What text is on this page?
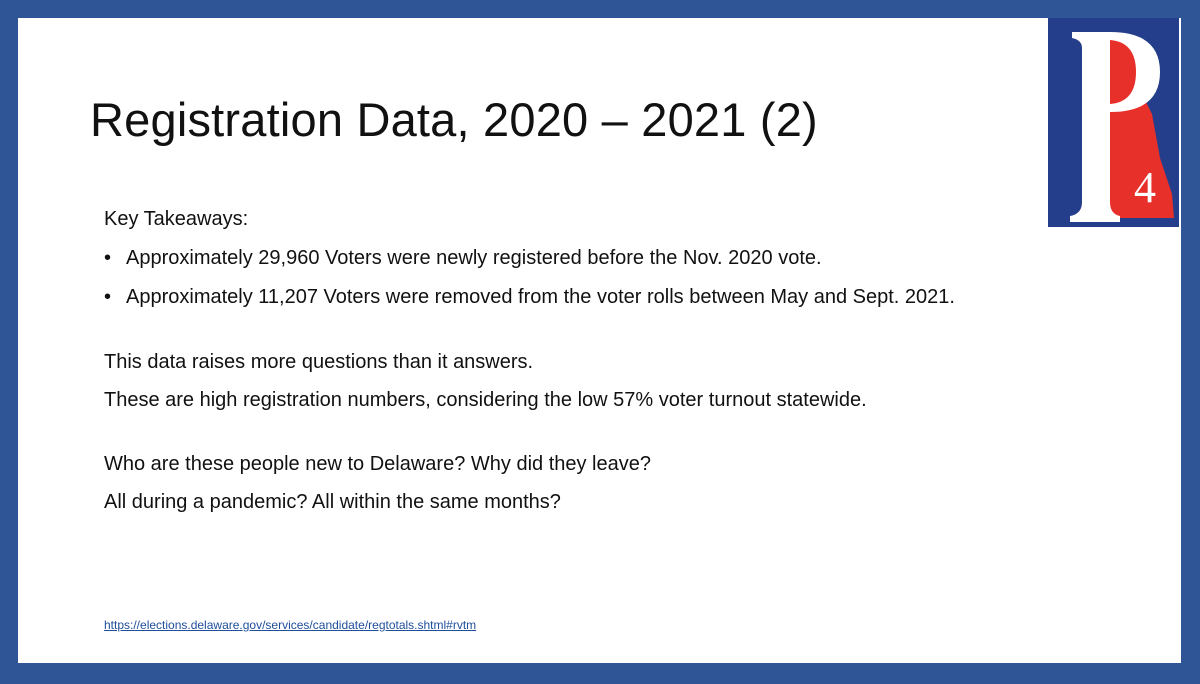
Registration Data, 2020 – 2021 (2)
4

Key Takeaways:

• Approximately 29,960 Voters were newly registered before the Nov. 2020 vote.
• Approximately 11,207 Voters were removed from the voter rolls between May and Sept. 2021.

This data raises more questions than it answers.

These are high registration numbers, considering the low 57% voter turnout statewide.

Who are these people new to Delaware? Why did they leave?

All during a pandemic? All within the same months?

https://elections.delaware.gov/services/candidate/regtotals.shtml#rvtm
